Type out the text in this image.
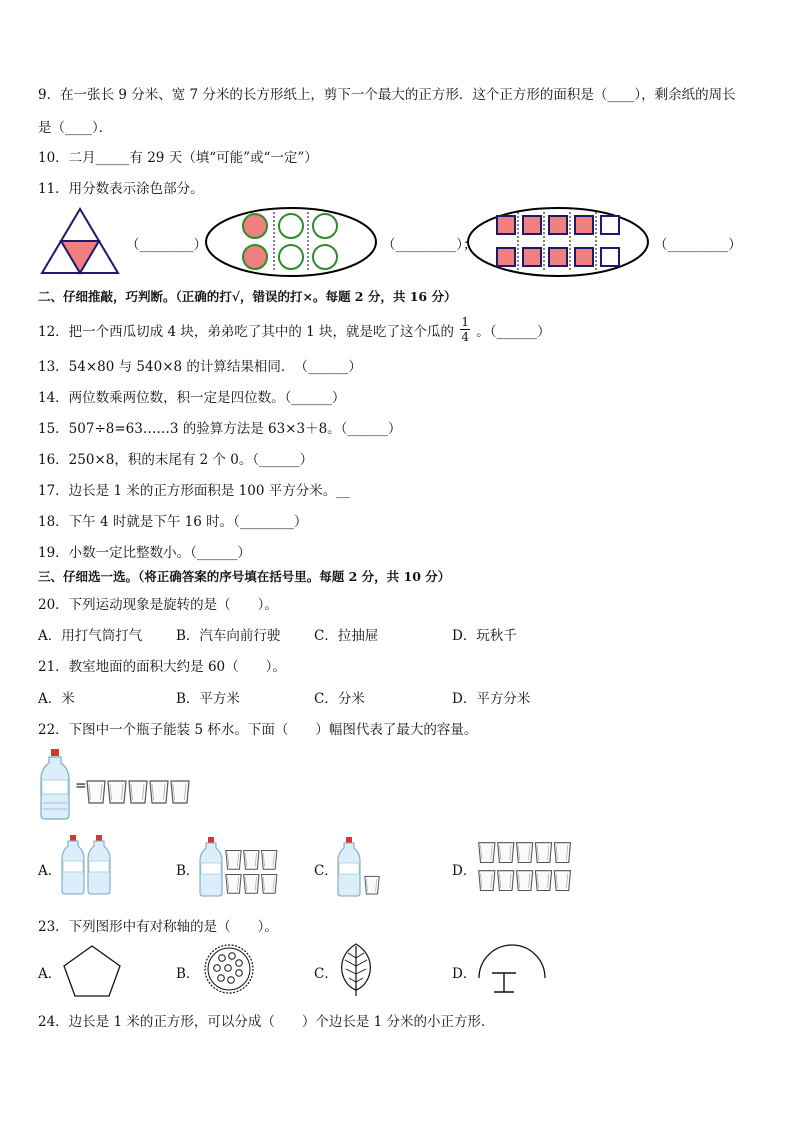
9．在一张长 9 分米、宽 7 分米的长方形纸上，剪下一个最大的正方形．这个正方形的面积是（____），剩余纸的周长
是（____）．
10．二月_____有 29 天（填“可能”或“一定”）
11．用分数表示涂色部分。
（________）	（_________）；	（_________）
二、仔细推敲，巧判断。（正确的打√，错误的打×。每题 2 分，共 16 分）
12．把一个西瓜切成 4 块，弟弟吃了其中的 1 块，就是吃了这个瓜的 $\frac{1}{4}$ 。（______）
13．54×80 与 540×8 的计算结果相同．　（______）
14．两位数乘两位数，积一定是四位数。（______）
15．507÷8=63……3 的验算方法是 63×3＋8。（______）
16．250×8，积的末尾有 2 个 0。（______）
17．边长是 1 米的正方形面积是 100 平方分米。__
18．下午 4 时就是下午 16 时。（________）
19．小数一定比整数小。（______）
三、仔细选一选。（将正确答案的序号填在括号里。每题 2 分，共 10 分）
20．下列运动现象是旋转的是（　　）。
A．用打气筒打气	B．汽车向前行驶 C．拉抽屉	D．玩秋千
21．教室地面的面积大约是 60（　　）。
A．米	B．平方米	C．分米	D．平方分米
22．下图中一个瓶子能装 5 杯水。下面（　　）幅图代表了最大的容量。
=
A．	B．	C．	D．
23．下列图形中有对称轴的是（　　）。
A．	B．	C．	D．
24．边长是 1 米的正方形，可以分成（　　）个边长是 1 分米的小正方形．
